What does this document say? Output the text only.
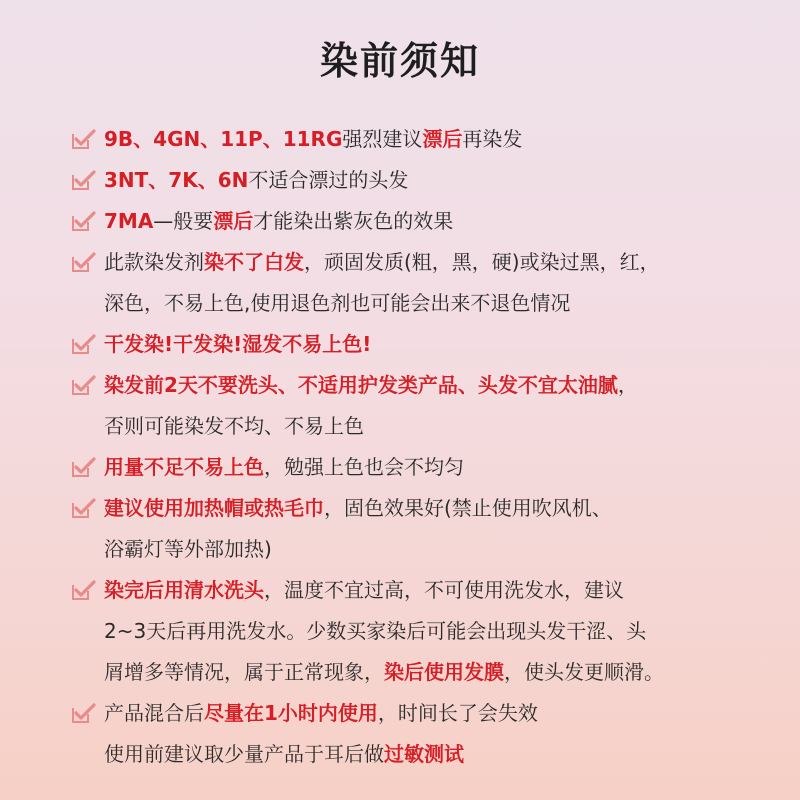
染前须知
9B、4GN、11P、11RG强烈建议漂后再染发
3NT、7K、6N不适合漂过的头发
7MA—般要漂后才能染出紫灰色的效果
此款染发剂染不了白发，顽固发质(粗，黑，硬)或染过黑，红，
深色，不易上色,使用退色剂也可能会出来不退色情况
干发染!干发染!湿发不易上色!
染发前2天不要洗头、不适用护发类产品、头发不宜太油腻，
否则可能染发不均、不易上色
用量不足不易上色，勉强上色也会不均匀
建议使用加热帽或热毛巾，固色效果好(禁止使用吹风机、
浴霸灯等外部加热)
染完后用清水洗头，温度不宜过高，不可使用洗发水，建议
2~3天后再用洗发水。少数买家染后可能会出现头发干涩、头
屑增多等情况，属于正常现象，染后使用发膜，使头发更顺滑。
产品混合后尽量在1小时内使用，时间长了会失效
使用前建议取少量产品于耳后做过敏测试
